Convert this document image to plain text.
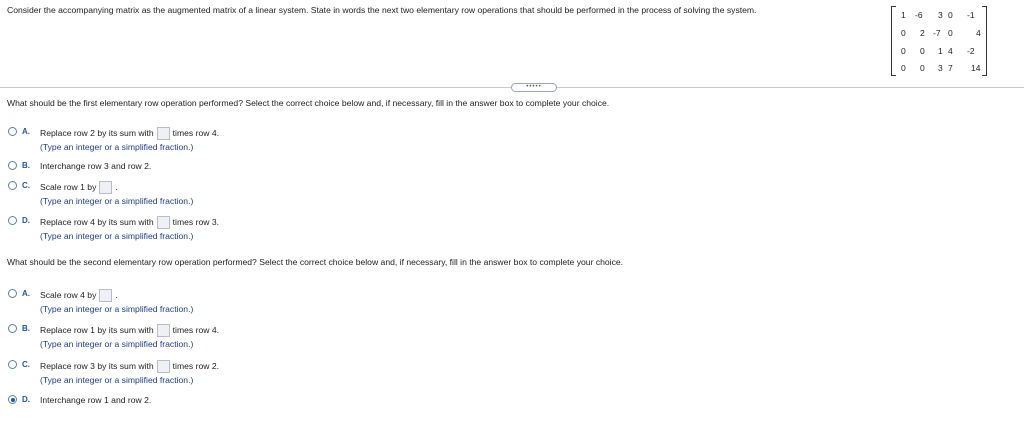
Consider the accompanying matrix as the augmented matrix of a linear system. State in words the next two elementary row operations that should be performed in the process of solving the system.	1 -6 3 0 -1
0 2 -7 0	4
0 0 1 4 -2
0 0 3 7 14
•••••
What should be the first elementary row operation performed? Select the correct choice below and, if necessary, fill in the answer box to complete your choice.
A. Replace row 2 by its sum with times row 4.
(Type an integer or a simplified fraction.)
B. Interchange row 3 and row 2.
C. Scale row 1 by .
(Type an integer or a simplified fraction.)
D. Replace row 4 by its sum with times row 3.
(Type an integer or a simplified fraction.)
What should be the second elementary row operation performed? Select the correct choice below and, if necessary, fill in the answer box to complete your choice.
A. Scale row 4 by .
(Type an integer or a simplified fraction.)
B. Replace row 1 by its sum with times row 4.
(Type an integer or a simplified fraction.)
C. Replace row 3 by its sum with times row 2.
(Type an integer or a simplified fraction.)
D. Interchange row 1 and row 2.
